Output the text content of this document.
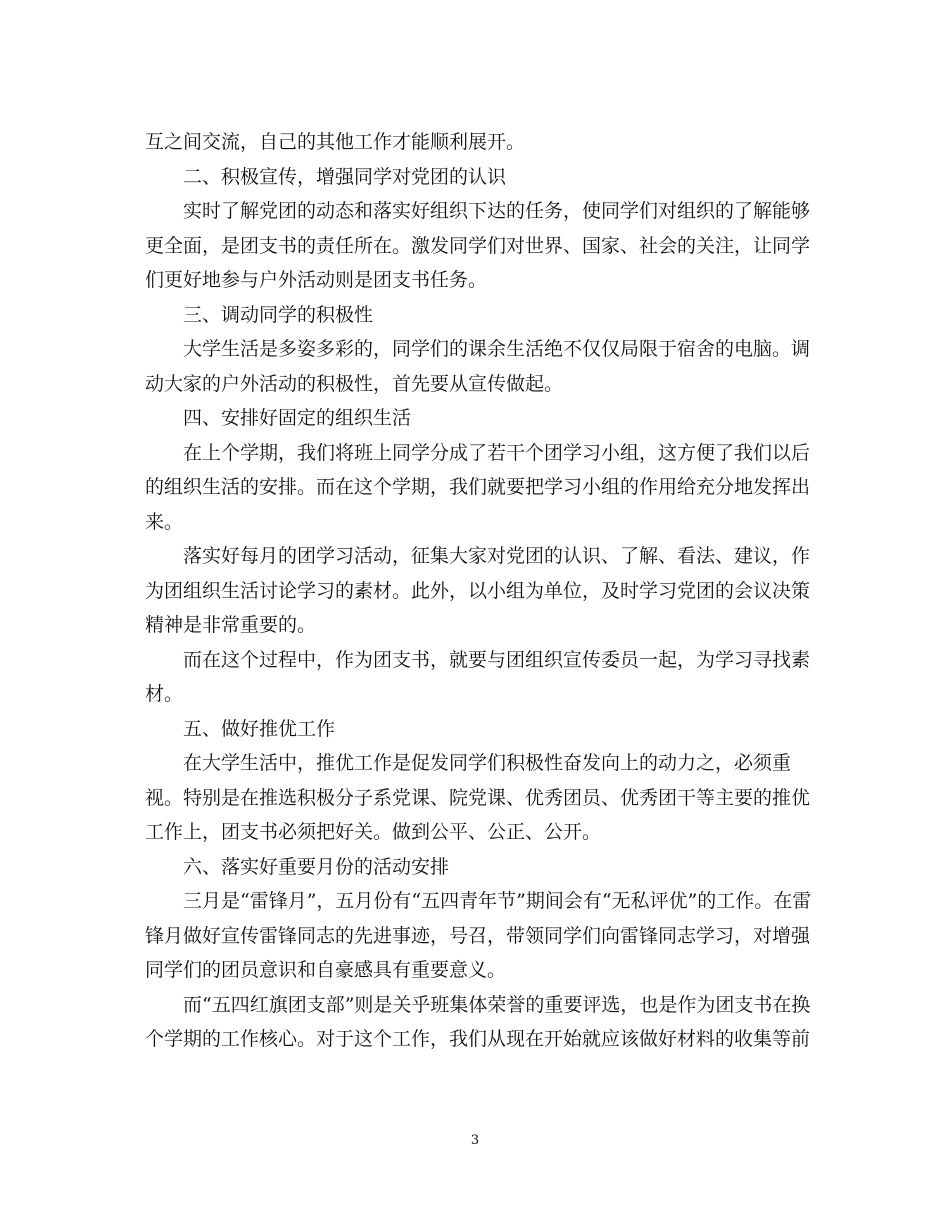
互之间交流，自己的其他工作才能顺利展开。
二、积极宣传，增强同学对党团的认识
实时了解党团的动态和落实好组织下达的任务，使同学们对组织的了解能够
更全面，是团支书的责任所在。激发同学们对世界、国家、社会的关注，让同学
们更好地参与户外活动则是团支书任务。
三、调动同学的积极性
大学生活是多姿多彩的，同学们的课余生活绝不仅仅局限于宿舍的电脑。调
动大家的户外活动的积极性，首先要从宣传做起。
四、安排好固定的组织生活
在上个学期，我们将班上同学分成了若干个团学习小组，这方便了我们以后
的组织生活的安排。而在这个学期，我们就要把学习小组的作用给充分地发挥出
来。
落实好每月的团学习活动，征集大家对党团的认识、了解、看法、建议，作
为团组织生活讨论学习的素材。此外，以小组为单位，及时学习党团的会议决策
精神是非常重要的。
而在这个过程中，作为团支书，就要与团组织宣传委员一起，为学习寻找素
材。
五、做好推优工作
在大学生活中，推优工作是促发同学们积极性奋发向上的动力之，必须重
视。特别是在推选积极分子系党课、院党课、优秀团员、优秀团干等主要的推优
工作上，团支书必须把好关。做到公平、公正、公开。
六、落实好重要月份的活动安排
三月是“雷锋月”，五月份有“五四青年节”期间会有“无私评优”的工作。在雷
锋月做好宣传雷锋同志的先进事迹，号召，带领同学们向雷锋同志学习，对增强
同学们的团员意识和自豪感具有重要意义。
而“五四红旗团支部”则是关乎班集体荣誉的重要评选，也是作为团支书在换
个学期的工作核心。对于这个工作，我们从现在开始就应该做好材料的收集等前
3
